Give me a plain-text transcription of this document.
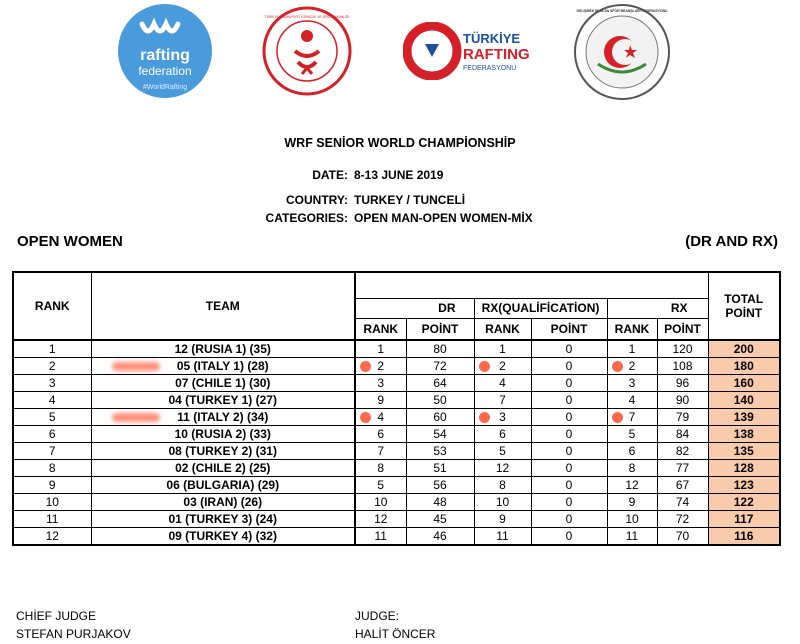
rafting
federation
#WorldRafting
TÜRKİYE CUMHURİYETİ GENÇLİK VE SPOR BAKANLIĞI
TÜRKİYE
RAFTING
FEDERASYONU
GELİŞMEKTE OLAN SPOR BRANŞLARI FEDERASYONU
WRF SENİOR WORLD CHAMPİONSHİP
DATE: 8-13 JUNE 2019
COUNTRY: TURKEY / TUNCELİ
CATEGORIES: OPEN MAN-OPEN WOMEN-MİX
OPEN WOMEN	(DR AND RX)
RANK	TEAM							TOTAL
POİNT

		DR		RX(QUALİFİCATİON)		RX		
		RANK	POİNT	RANK	POİNT	RANK	POİNT	
1	12 (RUSIA 1) (35)	1	80	1	0	1	120	200
2	05 (ITALY 1) (28)	2	72	2	0	2	108	180
3	07 (CHILE 1) (30)	3	64	4	0	3	96	160
4	04 (TURKEY 1) (27)	9	50	7	0	4	90	140
5	11 (ITALY 2) (34)	4	60	3	0	7	79	139
6	10 (RUSIA 2) (33)	6	54	6	0	5	84	138
7	08 (TURKEY 2) (31)	7	53	5	0	6	82	135
8	02 (CHILE 2) (25)	8	51	12	0	8	77	128
9	06 (BULGARIA) (29)	5	56	8	0	12	67	123
10	03 (IRAN) (26)	10	48	10	0	9	74	122
11	01 (TURKEY 3) (24)	12	45	9	0	10	72	117
12	09 (TURKEY 4) (32)	11	46	11	0	11	70	116
CHİEF JUDGE
STEFAN PURJAKOV
JUDGE:
HALİT ÖNCER
